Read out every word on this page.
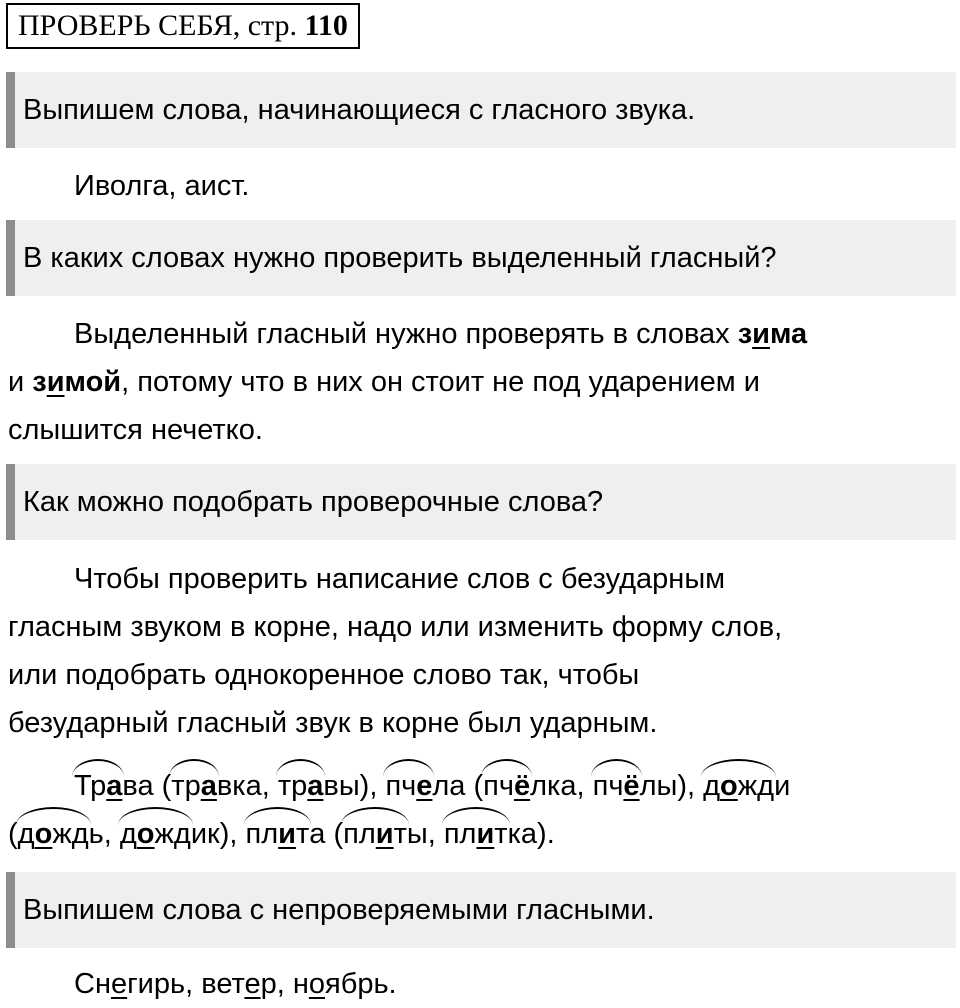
ПРОВЕРЬ СЕБЯ, стр. 110
Выпишем слова, начинающиеся с гласного звука.
Иволга, аист.
В каких словах нужно проверить выделенный гласный?
Выделенный гласный нужно проверять в словах зима
и зимой, потому что в них он стоит не под ударением и
слышится нечетко.
Как можно подобрать проверочные слова?
Чтобы проверить написание слов с безударным
гласным звуком в корне, надо или изменить форму слов,
или подобрать однокоренное слово так, чтобы
безударный гласный звук в корне был ударным.
Трава (травка, травы), пчела (пчёлка, пчёлы), дожди
(дождь, дождик), плита (плиты, плитка).
Выпишем слова с непроверяемыми гласными.
Снегирь, ветер, ноябрь.
